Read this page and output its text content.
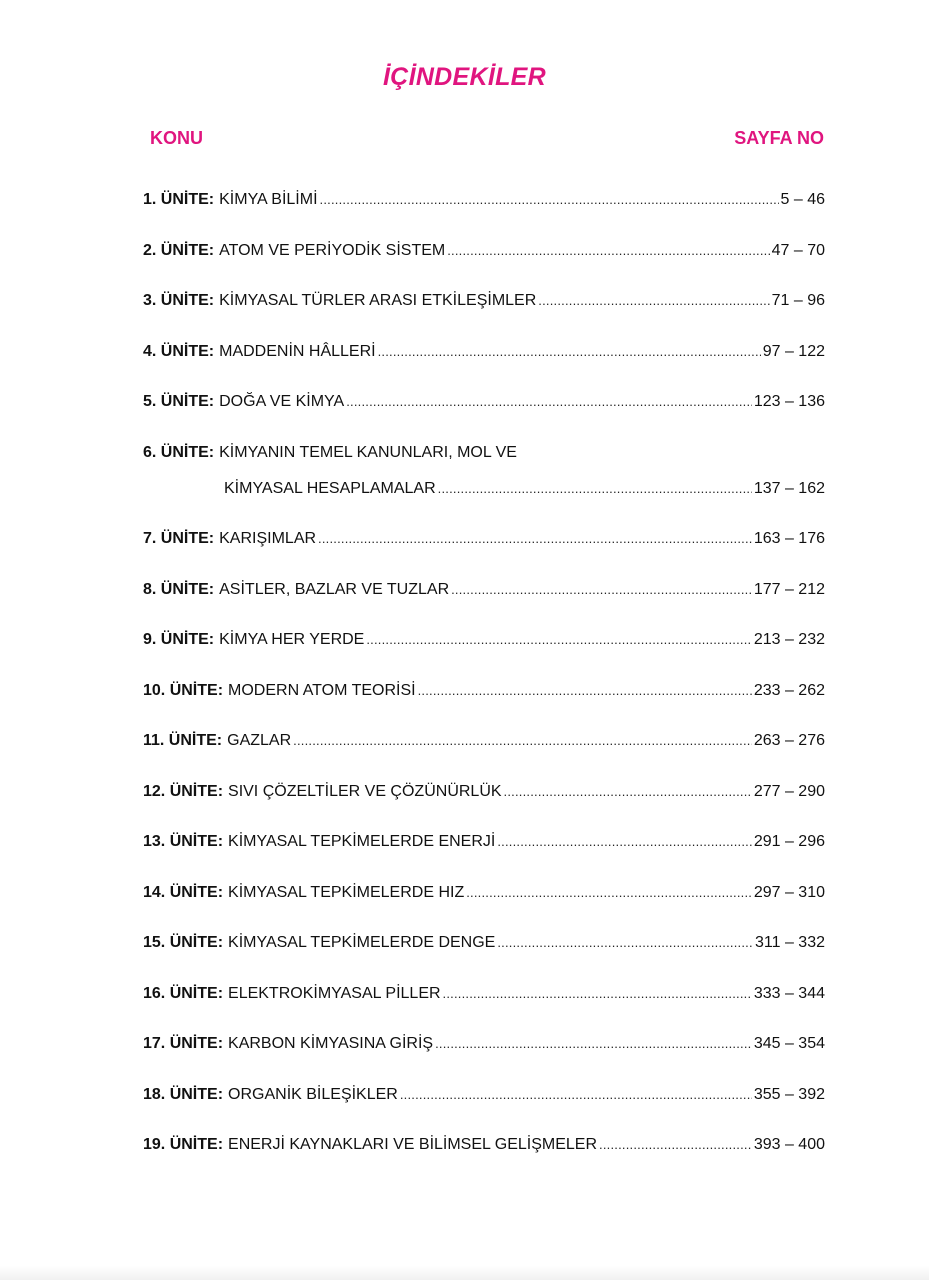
İÇİNDEKİLER
KONU	SAYFA NO
1. ÜNİTE: KİMYA BİLİMİ .....	5 – 46
2. ÜNİTE: ATOM VE PERİYODİK SİSTEM .....	47 – 70
3. ÜNİTE: KİMYASAL TÜRLER ARASI ETKİLEŞİMLER .....	71 – 96
4. ÜNİTE: MADDENİN HÂLLERİ .....	97 – 122
5. ÜNİTE: DOĞA VE KİMYA .....	123 – 136
6. ÜNİTE: KİMYANIN TEMEL KANUNLARI, MOL VE
KİMYASAL HESAPLAMALAR .....	137 – 162
7. ÜNİTE: KARIŞIMLAR .....	163 – 176
8. ÜNİTE: ASİTLER, BAZLAR VE TUZLAR .....	177 – 212
9. ÜNİTE: KİMYA HER YERDE .....	213 – 232
10. ÜNİTE: MODERN ATOM TEORİSİ .....	233 – 262
11. ÜNİTE: GAZLAR .....	263 – 276
12. ÜNİTE: SIVI ÇÖZELTİLER VE ÇÖZÜNÜRLÜK .....	277 – 290
13. ÜNİTE: KİMYASAL TEPKİMELERDE ENERJİ .....	291 – 296
14. ÜNİTE: KİMYASAL TEPKİMELERDE HIZ .....	297 – 310
15. ÜNİTE: KİMYASAL TEPKİMELERDE DENGE .....	311 – 332
16. ÜNİTE: ELEKTROKİMYASAL PİLLER .....	333 – 344
17. ÜNİTE: KARBON KİMYASINA GİRİŞ .....	345 – 354
18. ÜNİTE: ORGANİK BİLEŞİKLER .....	355 – 392
19. ÜNİTE: ENERJİ KAYNAKLARI VE BİLİMSEL GELİŞMELER .....	393 – 400
